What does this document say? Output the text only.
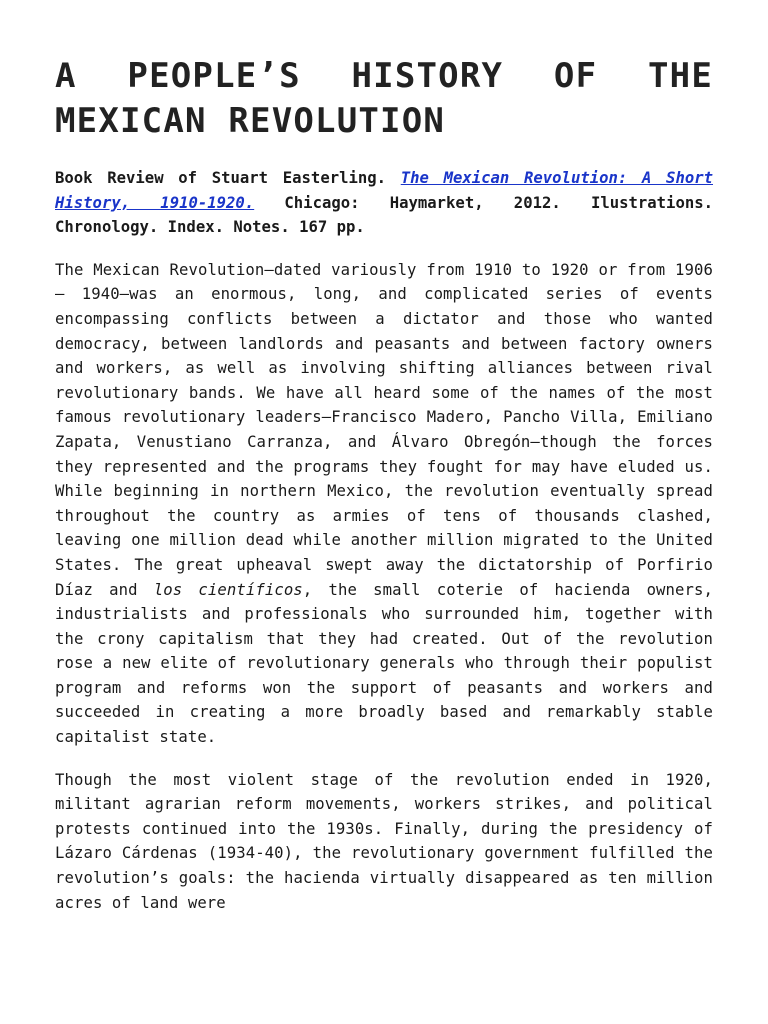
A PEOPLE’S HISTORY OF THE
MEXICAN REVOLUTION
Book Review of Stuart Easterling. The Mexican Revolution: A Short History, 1910-1920. Chicago: Haymarket, 2012. Ilustrations. Chronology. Index. Notes. 167 pp.

The Mexican Revolution—dated variously from 1910 to 1920 or from 1906 – 1940—was an enormous, long, and complicated series of events encompassing conflicts between a dictator and those who wanted democracy, between landlords and peasants and between factory owners and workers, as well as involving shifting alliances between rival revolutionary bands. We have all heard some of the names of the most famous revolutionary leaders—Francisco Madero, Pancho Villa, Emiliano Zapata, Venustiano Carranza, and Álvaro Obregón—though the forces they represented and the programs they fought for may have eluded us. While beginning in northern Mexico, the revolution eventually spread throughout the country as armies of tens of thousands clashed, leaving one million dead while another million migrated to the United States. The great upheaval swept away the dictatorship of Porfirio Díaz and los científicos, the small coterie of hacienda owners, industrialists and professionals who surrounded him, together with the crony capitalism that they had created. Out of the revolution rose a new elite of revolutionary generals who through their populist program and reforms won the support of peasants and workers and succeeded in creating a more broadly based and remarkably stable capitalist state.

Though the most violent stage of the revolution ended in 1920, militant agrarian reform movements, workers strikes, and political protests continued into the 1930s. Finally, during the presidency of Lázaro Cárdenas (1934-40), the revolutionary government fulfilled the revolution’s goals: the hacienda virtually disappeared as ten million acres of land were
